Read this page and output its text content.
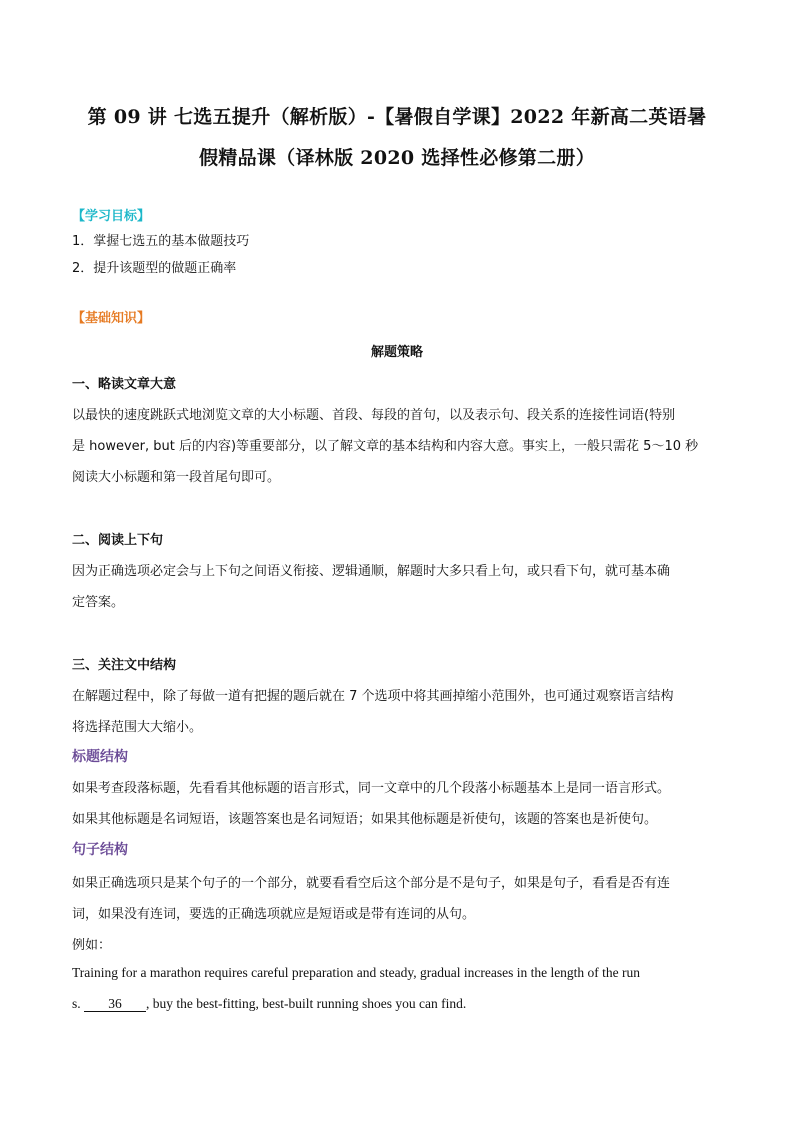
第 09 讲 七选五提升（解析版）-【暑假自学课】2022 年新高二英语暑
假精品课（译林版 2020 选择性必修第二册）
【学习目标】
1．掌握七选五的基本做题技巧
2．提升该题型的做题正确率
【基础知识】
解题策略
一、略读文章大意
以最快的速度跳跃式地浏览文章的大小标题、首段、每段的首句，以及表示句、段关系的连接性词语(特别
是 however, but 后的内容)等重要部分，以了解文章的基本结构和内容大意。事实上，一般只需花 5～10 秒
阅读大小标题和第一段首尾句即可。
二、阅读上下句
因为正确选项必定会与上下句之间语义衔接、逻辑通顺，解题时大多只看上句，或只看下句，就可基本确
定答案。
三、关注文中结构
在解题过程中，除了每做一道有把握的题后就在 7 个选项中将其画掉缩小范围外，也可通过观察语言结构
将选择范围大大缩小。
标题结构
如果考查段落标题，先看看其他标题的语言形式，同一文章中的几个段落小标题基本上是同一语言形式。
如果其他标题是名词短语，该题答案也是名词短语；如果其他标题是祈使句，该题的答案也是祈使句。
句子结构
如果正确选项只是某个句子的一个部分，就要看看空后这个部分是不是句子，如果是句子，看看是否有连
词，如果没有连词，要选的正确选项就应是短语或是带有连词的从句。
例如：
Training for a marathon requires careful preparation and steady, gradual increases in the length of the run
s. 36 , buy the best-fitting, best-built running shoes you can find.
